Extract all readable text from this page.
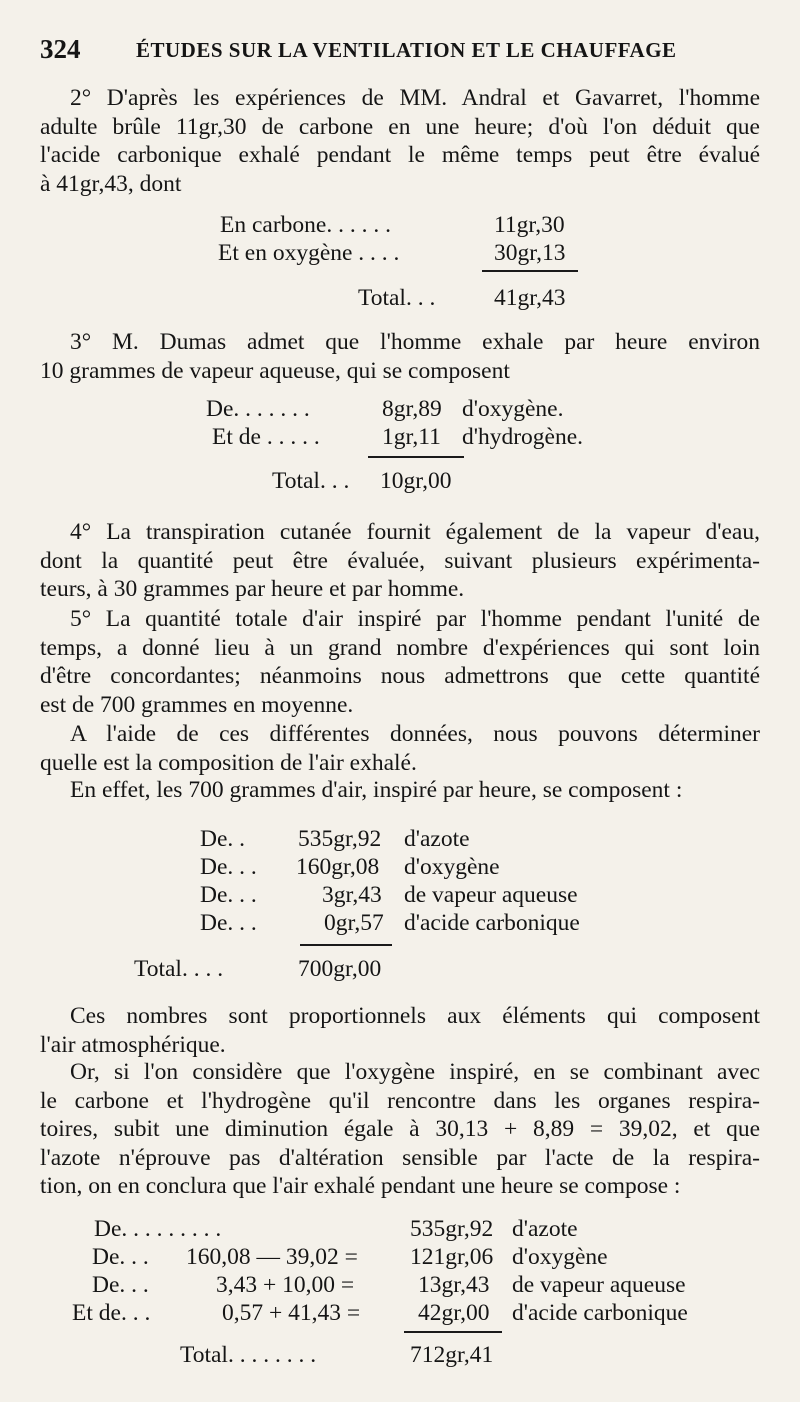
324

	ÉTUDES SUR LA VENTILATION ET LE CHAUFFAGE

2° D'après les expériences de MM. Andral et Gavarret, l'homme
adulte brûle 11gr,30 de carbone en une heure; d'où l'on déduit que
l'acide carbonique exhalé pendant le même temps peut être évalué
à 41gr,43, dont
En carbone. . . . . .	11gr,30
Et en oxygène . . . .	30gr,13
Total. . . 41gr,43
3° M. Dumas admet que l'homme exhale par heure environ
10 grammes de vapeur aqueuse, qui se composent
De. . . . . . .	8gr,89 d'oxygène.
Et de . . . . .	1gr,11 d'hydrogène.
Total. . . 10gr,00
4° La transpiration cutanée fournit également de la vapeur d'eau,
dont la quantité peut être évaluée, suivant plusieurs expérimenta-
teurs, à 30 grammes par heure et par homme.
5° La quantité totale d'air inspiré par l'homme pendant l'unité de
temps, a donné lieu à un grand nombre d'expériences qui sont loin
d'être concordantes; néanmoins nous admettrons que cette quantité
est de 700 grammes en moyenne.
A l'aide de ces différentes données, nous pouvons déterminer
quelle est la composition de l'air exhalé.
En effet, les 700 grammes d'air, inspiré par heure, se composent :
De. . 535gr,92 d'azote
De. . . 160gr,08 d'oxygène
De. . .	3gr,43 de vapeur aqueuse
De. . .	0gr,57 d'acide carbonique
Total. . . .	700gr,00
Ces nombres sont proportionnels aux éléments qui composent
l'air atmosphérique.
Or, si l'on considère que l'oxygène inspiré, en se combinant avec
le carbone et l'hydrogène qu'il rencontre dans les organes respira-
toires, subit une diminution égale à 30,13 + 8,89 = 39,02, et que
l'azote n'éprouve pas d'altération sensible par l'acte de la respira-
tion, on en conclura que l'air exhalé pendant une heure se compose :
De. . . . . . . . .	535gr,92 d'azote
De. . . 160,08 — 39,02 = 121gr,06 d'oxygène
De. . .	3,43 + 10,00 =	13gr,43 de vapeur aqueuse
Et de. . .	0,57 + 41,43 = 42gr,00 d'acide carbonique
Total. . . . . . . .	712gr,41
